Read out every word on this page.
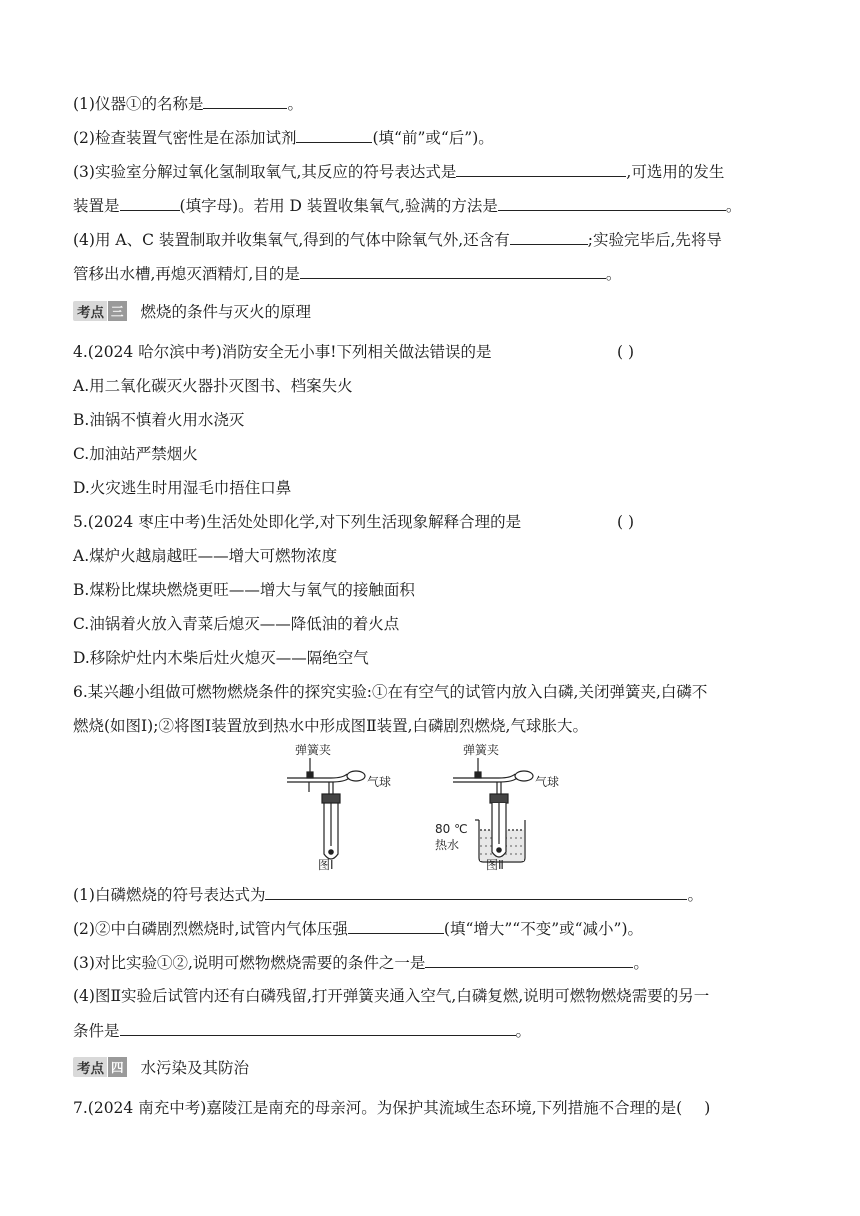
(1)仪器①的名称是	。
(2)检查装置气密性是在添加试剂	(填“前”或“后”)。
(3)实验室分解过氧化氢制取氧气,其反应的符号表达式是	,可选用的发生
装置是	(填字母)。若用 D 装置收集氧气,验满的方法是	。
(4)用 A、C 装置制取并收集氧气,得到的气体中除氧气外,还含有	;实验完毕后,先将导
管移出水槽,再熄灭酒精灯,目的是	。
考点 三 燃烧的条件与灭火的原理
4.(2024 哈尔滨中考)消防安全无小事!下列相关做法错误的是	( )
A.用二氧化碳灭火器扑灭图书、档案失火
B.油锅不慎着火用水浇灭
C.加油站严禁烟火
D.火灾逃生时用湿毛巾捂住口鼻
5.(2024 枣庄中考)生活处处即化学,对下列生活现象解释合理的是	( )
A.煤炉火越扇越旺——增大可燃物浓度
B.煤粉比煤块燃烧更旺——增大与氧气的接触面积
C.油锅着火放入青菜后熄灭——降低油的着火点
D.移除炉灶内木柴后灶火熄灭——隔绝空气
6.某兴趣小组做可燃物燃烧条件的探究实验:①在有空气的试管内放入白磷,关闭弹簧夹,白磷不
燃烧(如图Ⅰ);②将图Ⅰ装置放到热水中形成图Ⅱ装置,白磷剧烈燃烧,气球胀大。
弹簧夹
气球
图Ⅰ
弹簧夹
气球
80 ℃
热水
图Ⅱ
(1)白磷燃烧的符号表达式为	。
(2)②中白磷剧烈燃烧时,试管内气体压强	(填“增大”“不变”或“减小”)。
(3)对比实验①②,说明可燃物燃烧需要的条件之一是	。
(4)图Ⅱ实验后试管内还有白磷残留,打开弹簧夹通入空气,白磷复燃,说明可燃物燃烧需要的另一
条件是	。
考点 四 水污染及其防治
7.(2024 南充中考)嘉陵江是南充的母亲河。为保护其流域生态环境,下列措施不合理的是( )
